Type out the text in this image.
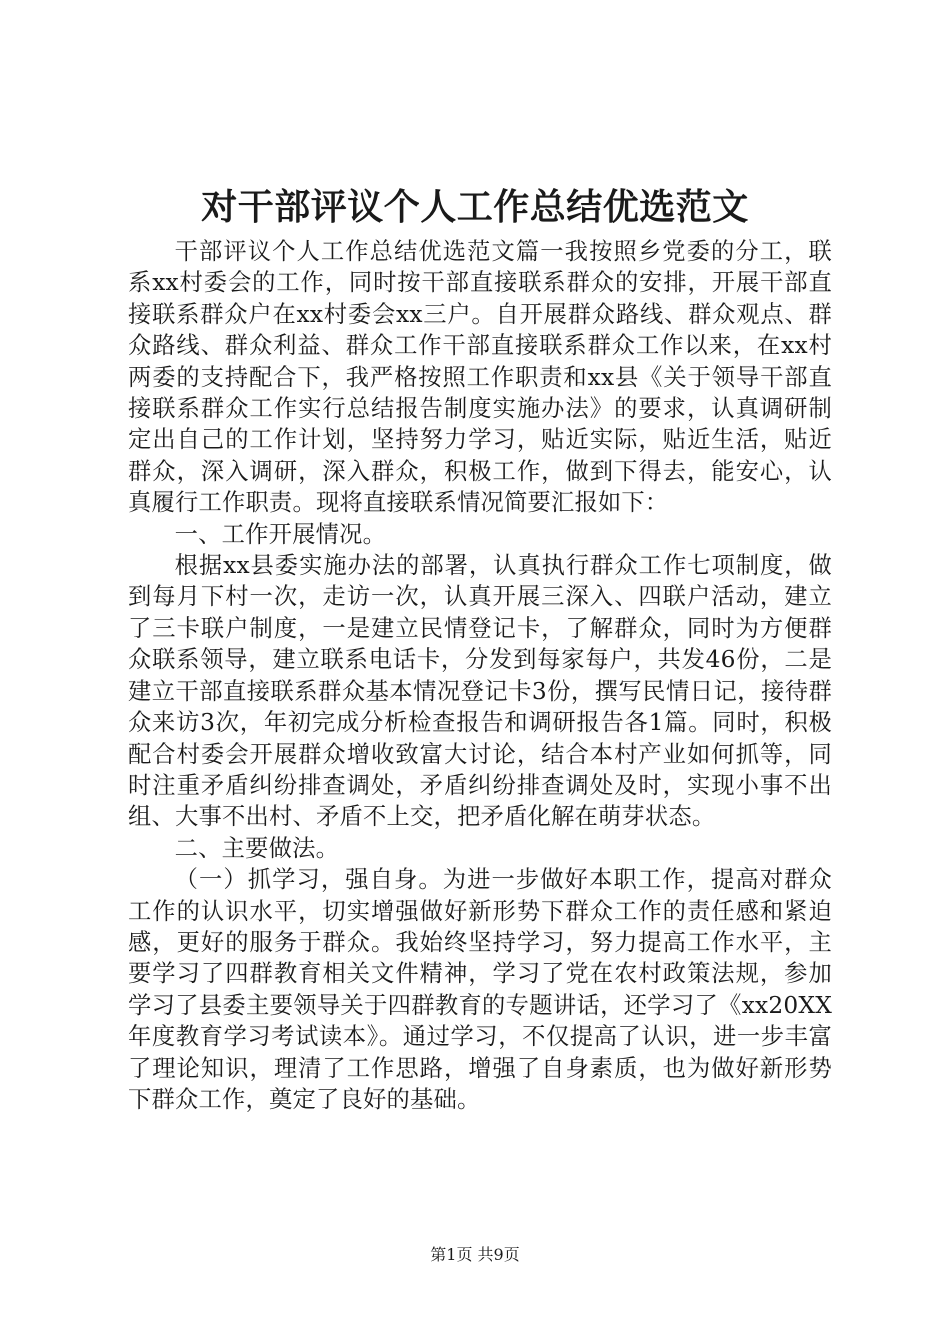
对干部评议个人工作总结优选范文

干部评议个人工作总结优选范文篇一我按照乡党委的分工，联系xx村委会的工作，同时按干部直接联系群众的安排，开展干部直接联系群众户在xx村委会xx三户。自开展群众路线、群众观点、群众路线、群众利益、群众工作干部直接联系群众工作以来，在xx村两委的支持配合下，我严格按照工作职责和xx县《关于领导干部直接联系群众工作实行总结报告制度实施办法》的要求，认真调研制定出自己的工作计划，坚持努力学习，贴近实际，贴近生活，贴近群众，深入调研，深入群众，积极工作，做到下得去，能安心，认真履行工作职责。现将直接联系情况简要汇报如下：

一、工作开展情况。

根据xx县委实施办法的部署，认真执行群众工作七项制度，做到每月下村一次，走访一次，认真开展三深入、四联户活动，建立了三卡联户制度，一是建立民情登记卡，了解群众，同时为方便群众联系领导，建立联系电话卡，分发到每家每户，共发46份，二是建立干部直接联系群众基本情况登记卡3份，撰写民情日记，接待群众来访3次，年初完成分析检查报告和调研报告各1篇。同时，积极配合村委会开展群众增收致富大讨论，结合本村产业如何抓等，同时注重矛盾纠纷排查调处，矛盾纠纷排查调处及时，实现小事不出组、大事不出村、矛盾不上交，把矛盾化解在萌芽状态。

二、主要做法。

（一）抓学习，强自身。为进一步做好本职工作，提高对群众工作的认识水平，切实增强做好新形势下群众工作的责任感和紧迫感，更好的服务于群众。我始终坚持学习，努力提高工作水平，主要学习了四群教育相关文件精神，学习了党在农村政策法规，参加学习了县委主要领导关于四群教育的专题讲话，还学习了《xx20XX年度教育学习考试读本》。通过学习，不仅提高了认识，进一步丰富了理论知识，理清了工作思路，增强了自身素质，也为做好新形势下群众工作，奠定了良好的基础。

第1页 共9页
